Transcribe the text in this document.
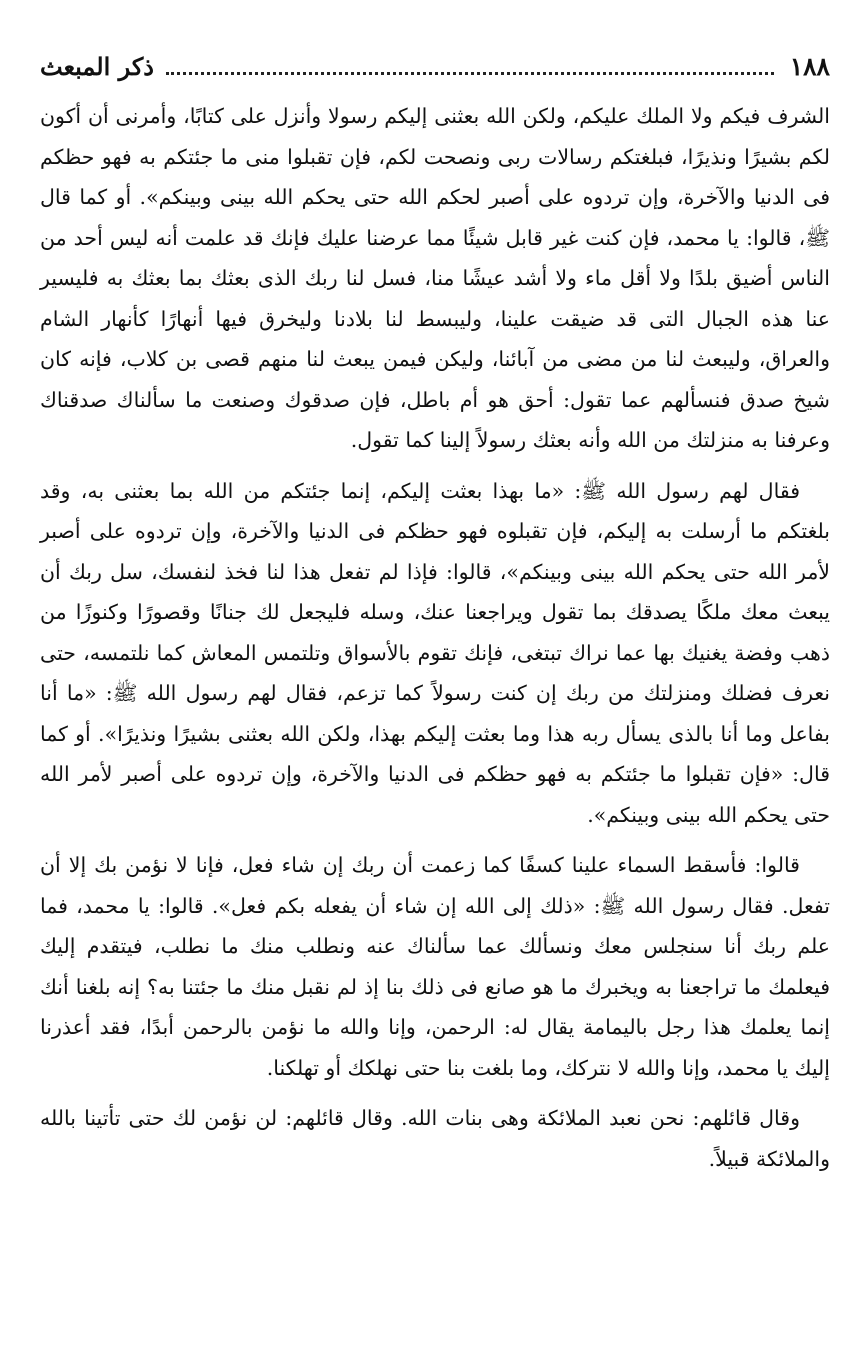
١٨٨
ذكر المبعث

الشرف فيكم ولا الملك عليكم، ولكن الله بعثنى إليكم رسولا وأنزل على كتابًا، وأمرنى أن أكون لكم بشيرًا ونذيرًا، فبلغتكم رسالات ربى ونصحت لكم، فإن تقبلوا منى ما جئتكم به فهو حظكم فى الدنيا والآخرة، وإن تردوه على أصبر لحكم الله حتى يحكم الله بينى وبينكم». أو كما قال ﷺ، قالوا: يا محمد، فإن كنت غير قابل شيئًا مما عرضنا عليك فإنك قد علمت أنه ليس أحد من الناس أضيق بلدًا ولا أقل ماء ولا أشد عيشًا منا، فسل لنا ربك الذى بعثك بما بعثك به فليسير عنا هذه الجبال التى قد ضيقت علينا، وليبسط لنا بلادنا وليخرق فيها أنهارًا كأنهار الشام والعراق، وليبعث لنا من مضى من آبائنا، وليكن فيمن يبعث لنا منهم قصى بن كلاب، فإنه كان شيخ صدق فنسألهم عما تقول: أحق هو أم باطل، فإن صدقوك وصنعت ما سألناك صدقناك وعرفنا به منزلتك من الله وأنه بعثك رسولاً إلينا كما تقول.

فقال لهم رسول الله ﷺ: «ما بهذا بعثت إليكم، إنما جئتكم من الله بما بعثنى به، وقد بلغتكم ما أرسلت به إليكم، فإن تقبلوه فهو حظكم فى الدنيا والآخرة، وإن تردوه على أصبر لأمر الله حتى يحكم الله بينى وبينكم»، قالوا: فإذا لم تفعل هذا لنا فخذ لنفسك، سل ربك أن يبعث معك ملكًا يصدقك بما تقول ويراجعنا عنك، وسله فليجعل لك جنانًا وقصورًا وكنوزًا من ذهب وفضة يغنيك بها عما نراك تبتغى، فإنك تقوم بالأسواق وتلتمس المعاش كما نلتمسه، حتى نعرف فضلك ومنزلتك من ربك إن كنت رسولاً كما تزعم، فقال لهم رسول الله ﷺ: «ما أنا بفاعل وما أنا بالذى يسأل ربه هذا وما بعثت إليكم بهذا، ولكن الله بعثنى بشيرًا ونذيرًا». أو كما قال: «فإن تقبلوا ما جئتكم به فهو حظكم فى الدنيا والآخرة، وإن تردوه على أصبر لأمر الله حتى يحكم الله بينى وبينكم».

قالوا: فأسقط السماء علينا كسفًا كما زعمت أن ربك إن شاء فعل، فإنا لا نؤمن بك إلا أن تفعل. فقال رسول الله ﷺ: «ذلك إلى الله إن شاء أن يفعله بكم فعل». قالوا: يا محمد، فما علم ربك أنا سنجلس معك ونسألك عما سألناك عنه ونطلب منك ما نطلب، فيتقدم إليك فيعلمك ما تراجعنا به ويخبرك ما هو صانع فى ذلك بنا إذ لم نقبل منك ما جئتنا به؟ إنه بلغنا أنك إنما يعلمك هذا رجل باليمامة يقال له: الرحمن، وإنا والله ما نؤمن بالرحمن أبدًا، فقد أعذرنا إليك يا محمد، وإنا والله لا نتركك، وما بلغت بنا حتى نهلكك أو تهلكنا.

وقال قائلهم: نحن نعبد الملائكة وهى بنات الله. وقال قائلهم: لن نؤمن لك حتى تأتينا بالله والملائكة قبيلاً.
